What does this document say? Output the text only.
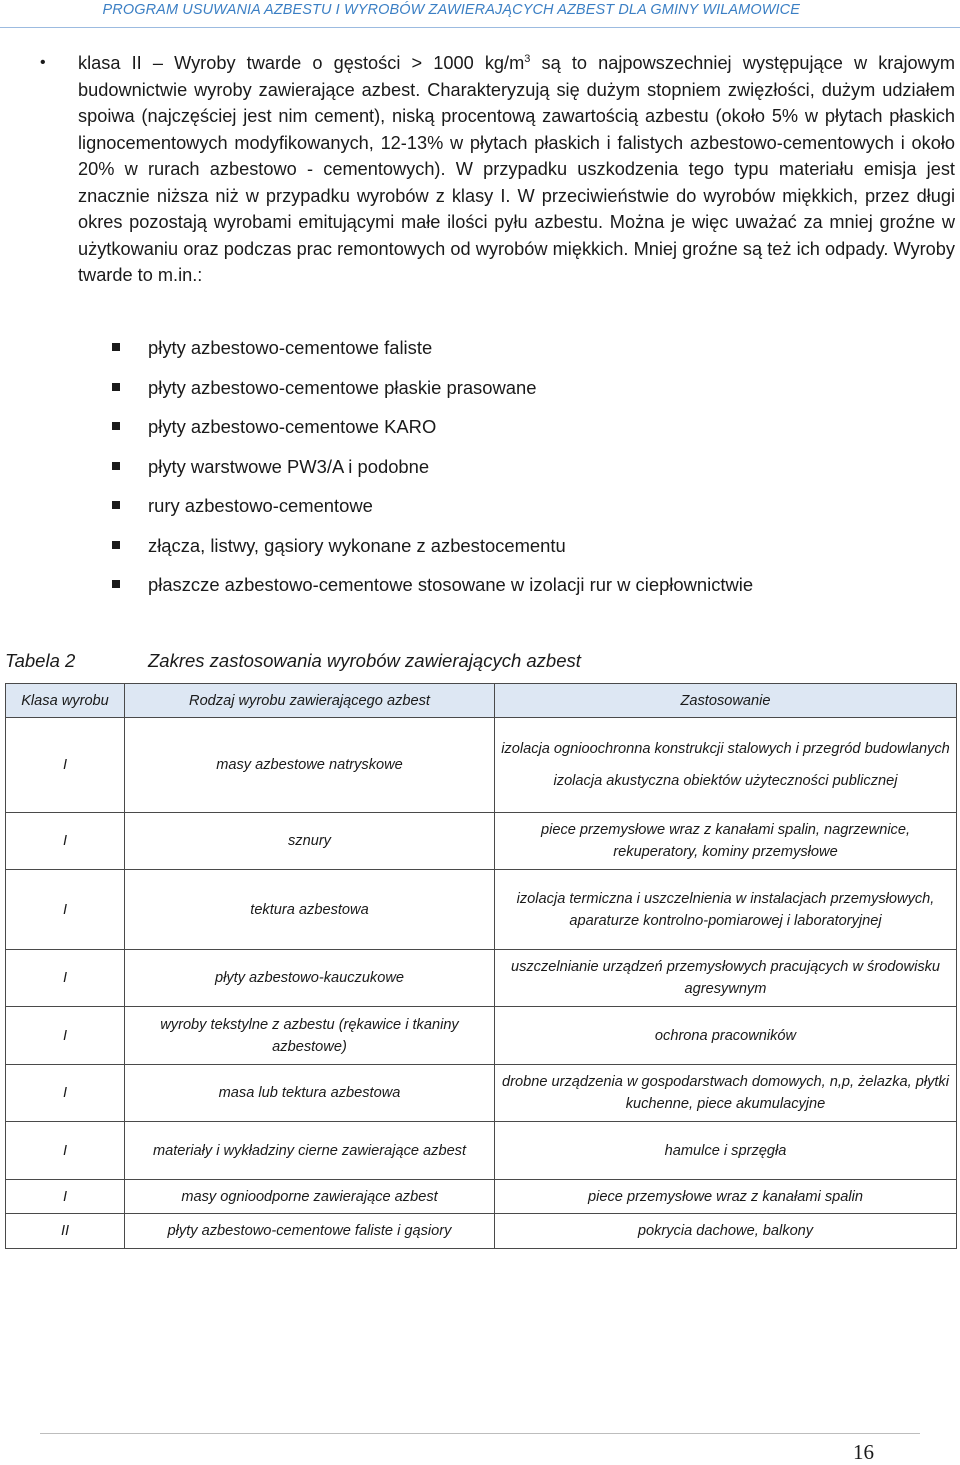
PROGRAM USUWANIA AZBESTU I WYROBÓW ZAWIERAJĄCYCH AZBEST DLA GMINY WILAMOWICE
• klasa II – Wyroby twarde o gęstości > 1000 $kg/m^3$ są to najpowszechniej występujące w krajowym budownictwie wyroby zawierające azbest. Charakteryzują się dużym stopniem zwięzłości, dużym udziałem spoiwa (najczęściej jest nim cement), niską procentową zawartością azbestu (około 5% w płytach płaskich lignocementowych modyfikowanych, 12-13% w płytach płaskich i falistych azbestowo-cementowych i około 20% w rurach azbestowo - cementowych). W przypadku uszkodzenia tego typu materiału emisja jest znacznie niższa niż w przypadku wyrobów z klasy I. W przeciwieństwie do wyrobów miękkich, przez długi okres pozostają wyrobami emitującymi małe ilości pyłu azbestu. Można je więc uważać za mniej groźne w użytkowaniu oraz podczas prac remontowych od wyrobów miękkich. Mniej groźne są też ich odpady. Wyroby twarde to m.in.:

płyty azbestowo-cementowe faliste
płyty azbestowo-cementowe płaskie prasowane
płyty azbestowo-cementowe KARO
płyty warstwowe PW3/A i podobne
rury azbestowo-cementowe
złącza, listwy, gąsiory wykonane z azbestocementu
płaszcze azbestowo-cementowe stosowane w izolacji rur w ciepłownictwie
Tabela 2	Zakres zastosowania wyrobów zawierających azbest
Klasa wyrobu	Rodzaj wyrobu zawierającego azbest	Zastosowanie
I	masy azbestowe natryskowe	izolacja ognioochronna konstrukcji stalowych i przegród budowlanych
izolacja akustyczna obiektów użyteczności publicznej

I	sznury	piece przemysłowe wraz z kanałami spalin, nagrzewnice, rekuperatory, kominy przemysłowe

I	tektura azbestowa	izolacja termiczna i uszczelnienia w instalacjach przemysłowych, aparaturze kontrolno-pomiarowej i laboratoryjnej

I	płyty azbestowo-kauczukowe	uszczelnianie urządzeń przemysłowych pracujących w środowisku agresywnym

I	wyroby tekstylne z azbestu (rękawice i tkaniny azbestowe)	ochrona pracowników

I	masa lub tektura azbestowa	drobne urządzenia w gospodarstwach domowych, n,p, żelazka, płytki kuchenne, piece akumulacyjne

I	materiały i wykładziny cierne zawierające azbest	hamulce i sprzęgła

I	masy ognioodporne zawierające azbest	piece przemysłowe wraz z kanałami spalin

II	płyty azbestowo-cementowe faliste i gąsiory	pokrycia dachowe, balkony
16
